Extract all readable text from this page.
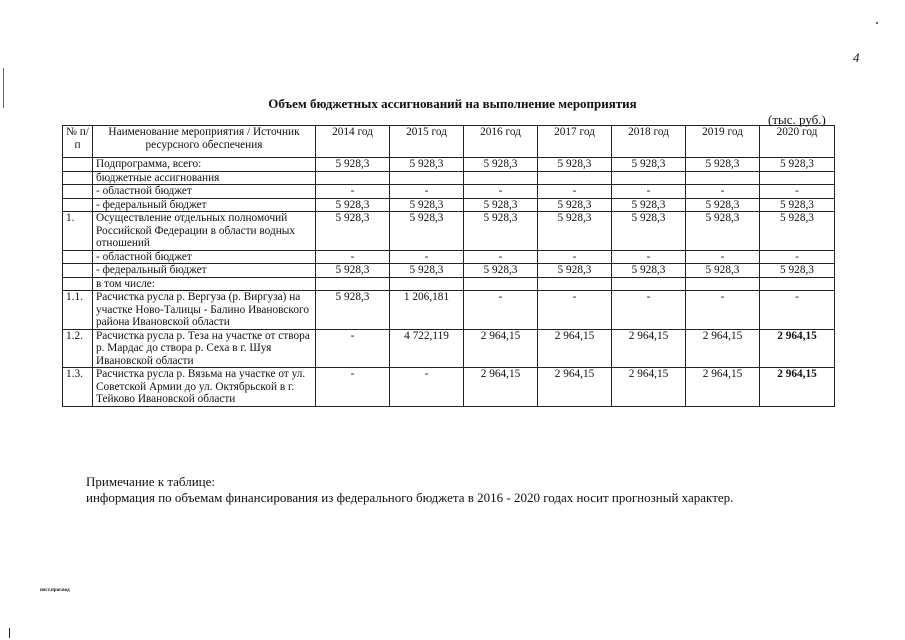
4
Объем бюджетных ассигнований на выполнение мероприятия
(тыс. руб.)
№ п/п	Наименование мероприятия / Источник ресурсного обеспечения	2014 год	2015 год	2016 год	2017 год	2018 год	2019 год	2020 год
	Подпрограмма, всего:	5 928,3	5 928,3	5 928,3	5 928,3	5 928,3	5 928,3	5 928,3
	бюджетные ассигнования							
	- областной бюджет	-	-	-	-	-	-	-
	- федеральный бюджет	5 928,3	5 928,3	5 928,3	5 928,3	5 928,3	5 928,3	5 928,3
1.	Осуществление отдельных полномочий Российской Федерации в области водных отношений	5 928,3	5 928,3	5 928,3	5 928,3	5 928,3	5 928,3	5 928,3
	- областной бюджет	-	-	-	-	-	-	-
	- федеральный бюджет	5 928,3	5 928,3	5 928,3	5 928,3	5 928,3	5 928,3	5 928,3
	в том числе:							
1.1.	Расчистка русла р. Вергуза (р. Виргуза) на участке Ново-Талицы - Балино Ивановского района Ивановской области	5 928,3	1 206,181	-	-	-	-	-
1.2.	Расчистка русла р. Теза на участке от створа р. Мардас до створа р. Сеха в г. Шуя Ивановской области	-	4 722,119	2 964,15	2 964,15	2 964,15	2 964,15	2 964,15
1.3.	Расчистка русла р. Вязьма на участке от ул. Советской Армии до ул. Октябрьской в г. Тейково Ивановской области	-	-	2 964,15	2 964,15	2 964,15	2 964,15	2 964,15
Примечание к таблице:
информация по объемам финансирования из федерального бюджета в 2016 - 2020 годах носит прогнозный характер.
пост.прог.вод
